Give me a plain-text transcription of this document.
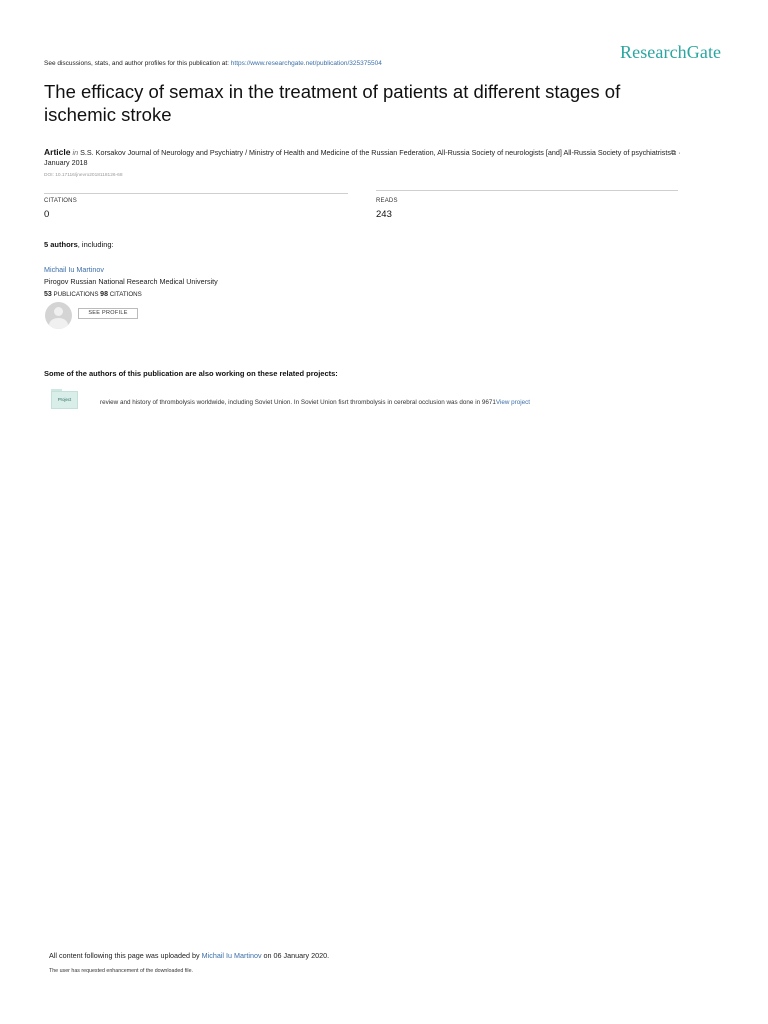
ResearchGate
See discussions, stats, and author profiles for this publication at: https://www.researchgate.net/publication/325375504
The efficacy of semax in the treatment of patients at different stages of ischemic stroke
Article in S.S. Korsakov Journal of Neurology and Psychiatry / Ministry of Health and Medicine of the Russian Federation, All-Russia Society of neurologists [and] All-Russia Society of psychiatrists⧉ · January 2018
DOI: 10.17116/jnevro2018118126-68
CITATIONS
0
READS
243
5 authors, including:
Michail Iu Martinov
Pirogov Russian National Research Medical University
53 PUBLICATIONS 98 CITATIONS
SEE PROFILE
Some of the authors of this publication are also working on these related projects:
Project	review and history of thrombolysis worldwide, including Soviet Union. In Soviet Union fisrt thrombolysis in cerebral occlusion was done in 9671View project
All content following this page was uploaded by Michail Iu Martinov on 06 January 2020.
The user has requested enhancement of the downloaded file.
